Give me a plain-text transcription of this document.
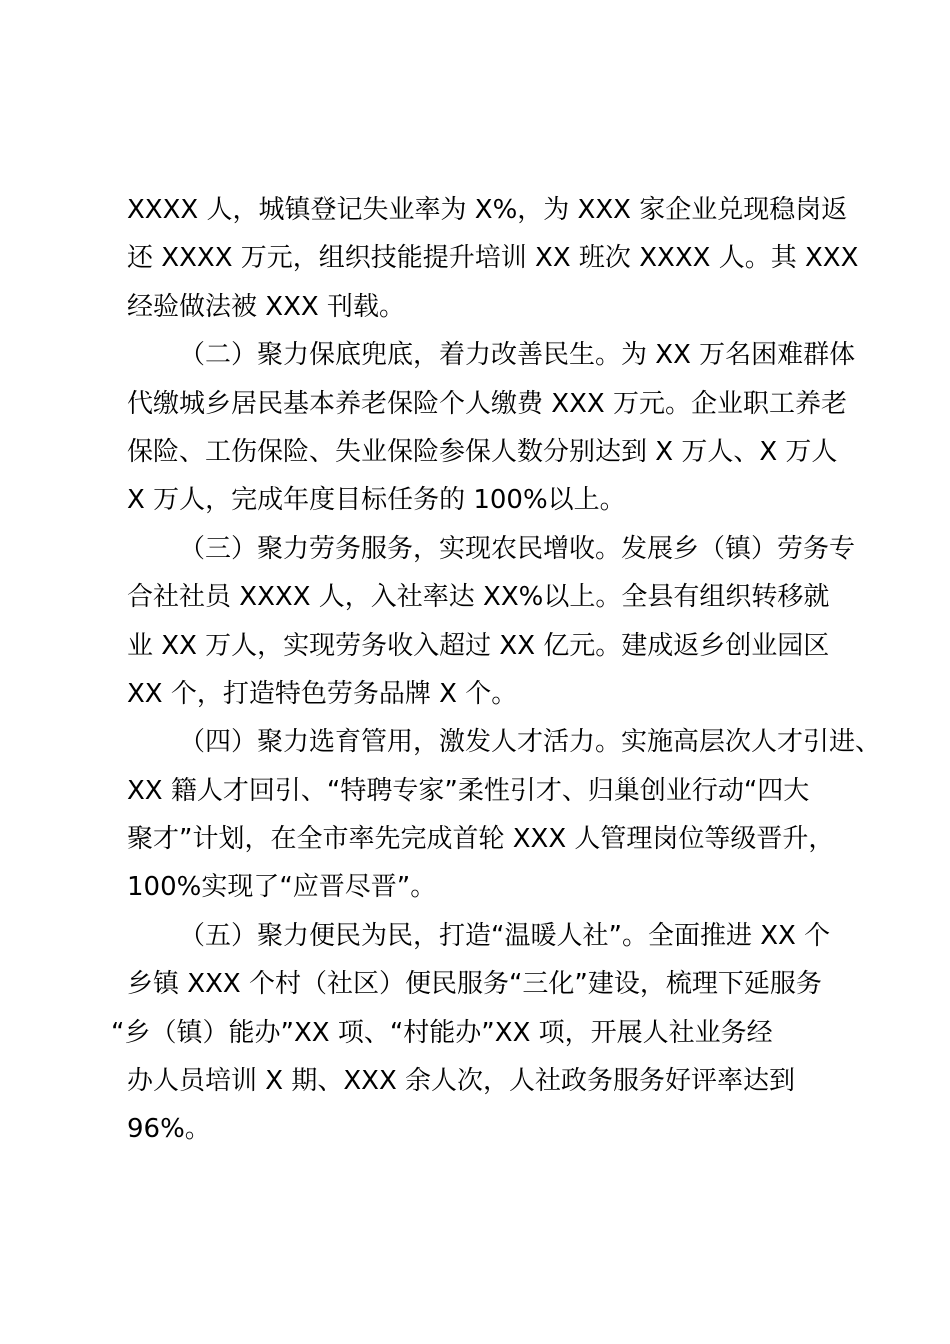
XXXX 人，城镇登记失业率为 X%，为 XXX 家企业兑现稳岗返
还 XXXX 万元，组织技能提升培训 XX 班次 XXXX 人。其 XXX
经验做法被 XXX 刊载。
（二）聚力保底兜底，着力改善民生。为 XX 万名困难群体
代缴城乡居民基本养老保险个人缴费 XXX 万元。企业职工养老
保险、工伤保险、失业保险参保人数分别达到 X 万人、X 万人
X 万人，完成年度目标任务的 100%以上。
（三）聚力劳务服务，实现农民增收。发展乡（镇）劳务专
合社社员 XXXX 人，入社率达 XX%以上。全县有组织转移就
业 XX 万人，实现劳务收入超过 XX 亿元。建成返乡创业园区
XX 个，打造特色劳务品牌 X 个。
（四）聚力选育管用，激发人才活力。实施高层次人才引进、
XX 籍人才回引、“特聘专家”柔性引才、归巢创业行动“四大
聚才”计划，在全市率先完成首轮 XXX 人管理岗位等级晋升，
100%实现了“应晋尽晋”。
（五）聚力便民为民，打造“温暖人社”。全面推进 XX 个
乡镇 XXX 个村（社区）便民服务“三化”建设，梳理下延服务
“乡（镇）能办”XX 项、“村能办”XX 项，开展人社业务经
办人员培训 X 期、XXX 余人次，人社政务服务好评率达到
96%。
